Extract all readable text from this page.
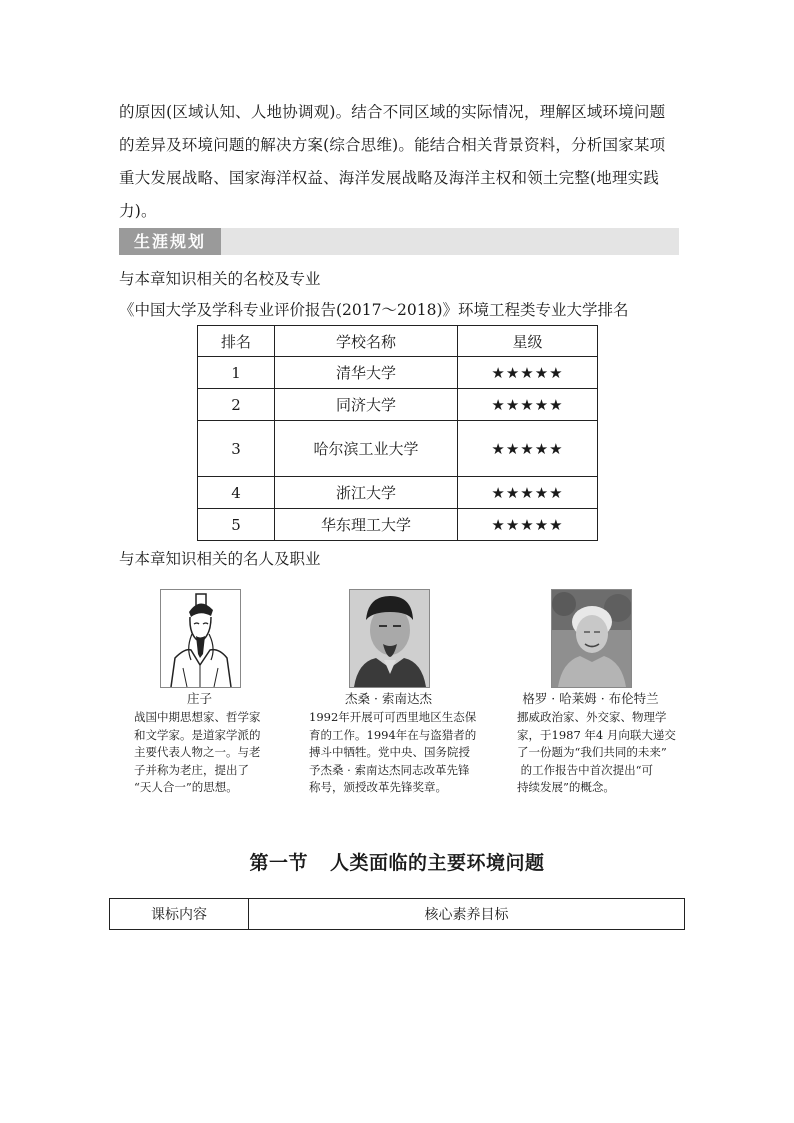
的原因(区域认知、人地协调观)。结合不同区域的实际情况，理解区域环境问题

的差异及环境问题的解决方案(综合思维)。能结合相关背景资料，分析国家某项

重大发展战略、国家海洋权益、海洋发展战略及海洋主权和领土完整(地理实践

力)。

生涯规划
与本章知识相关的名校及专业
《中国大学及学科专业评价报告(2017～2018)》环境工程类专业大学排名
排名	学校名称	星级
1	清华大学	★★★★★
2	同济大学	★★★★★
3	哈尔滨工业大学	★★★★★
4	浙江大学	★★★★★
5	华东理工大学	★★★★★
与本章知识相关的名人及职业
庄子
战国中期思想家、哲学家
和文学家。是道家学派的
主要代表人物之一。与老
子并称为老庄，提出了
“天人合一”的思想。
杰桑 · 索南达杰
1992年开展可可西里地区生态保
育的工作。1994年在与盗猎者的
搏斗中牺牲。党中央、国务院授
予杰桑 · 索南达杰同志改革先锋
称号，颁授改革先锋奖章。
格罗 · 哈莱姆 · 布伦特兰
挪威政治家、外交家、物理学
家，于1987 年4 月向联大递交
了一份题为“我们共同的未来”
的工作报告中首次提出“可
持续发展”的概念。
第一节 人类面临的主要环境问题
课标内容	核心素养目标
